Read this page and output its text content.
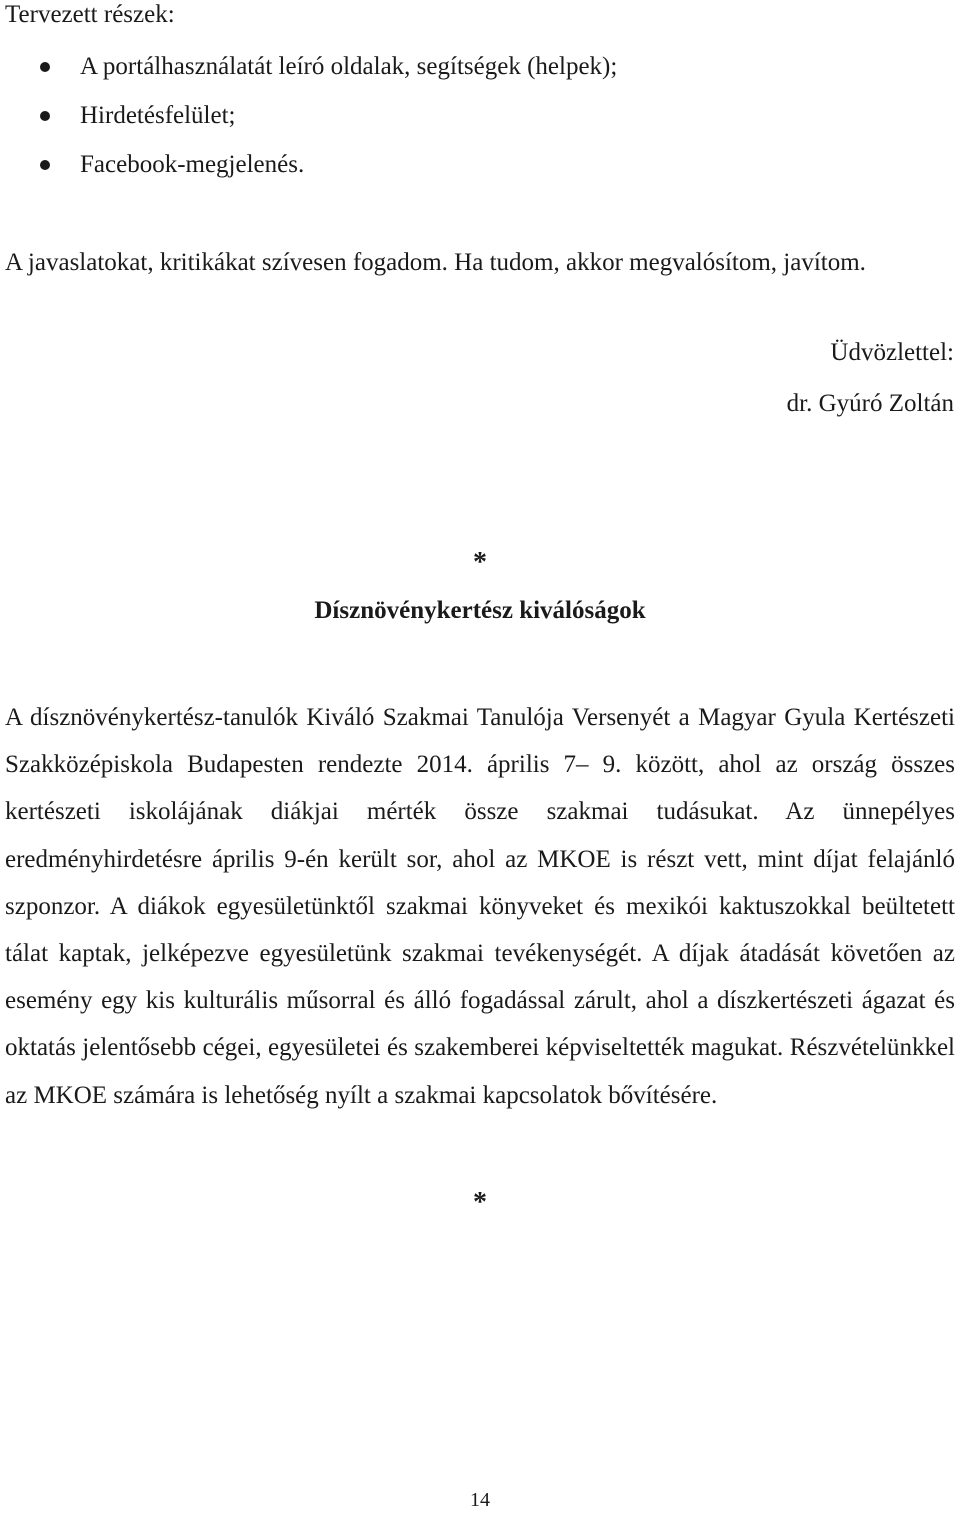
Tervezett részek:

A portálhasználatát leíró oldalak, segítségek (helpek);
Hirdetésfelület;
Facebook-megjelenés.

A javaslatokat, kritikákat szívesen fogadom. Ha tudom, akkor megvalósítom, javítom.

Üdvözlettel:

dr. Gyúró Zoltán

*

Dísznövénykertész kiválóságok

A dísznövénykertész-tanulók Kiváló Szakmai Tanulója Versenyét a Magyar Gyula Kertészeti Szakközépiskola Budapesten rendezte 2014. április 7– 9. között, ahol az ország összes kertészeti iskolájának diákjai mérték össze szakmai tudásukat. Az ünnepélyes eredményhirdetésre április 9-én került sor, ahol az MKOE is részt vett, mint díjat felajánló szponzor. A diákok egyesületünktől szakmai könyveket és mexikói kaktuszokkal beültetett tálat kaptak, jelképezve egyesületünk szakmai tevékenységét. A díjak átadását követően az esemény egy kis kulturális műsorral és álló fogadással zárult, ahol a díszkertészeti ágazat és oktatás jelentősebb cégei, egyesületei és szakemberei képviseltették magukat. Részvételünkkel az MKOE számára is lehetőség nyílt a szakmai kapcsolatok bővítésére.

*

14
